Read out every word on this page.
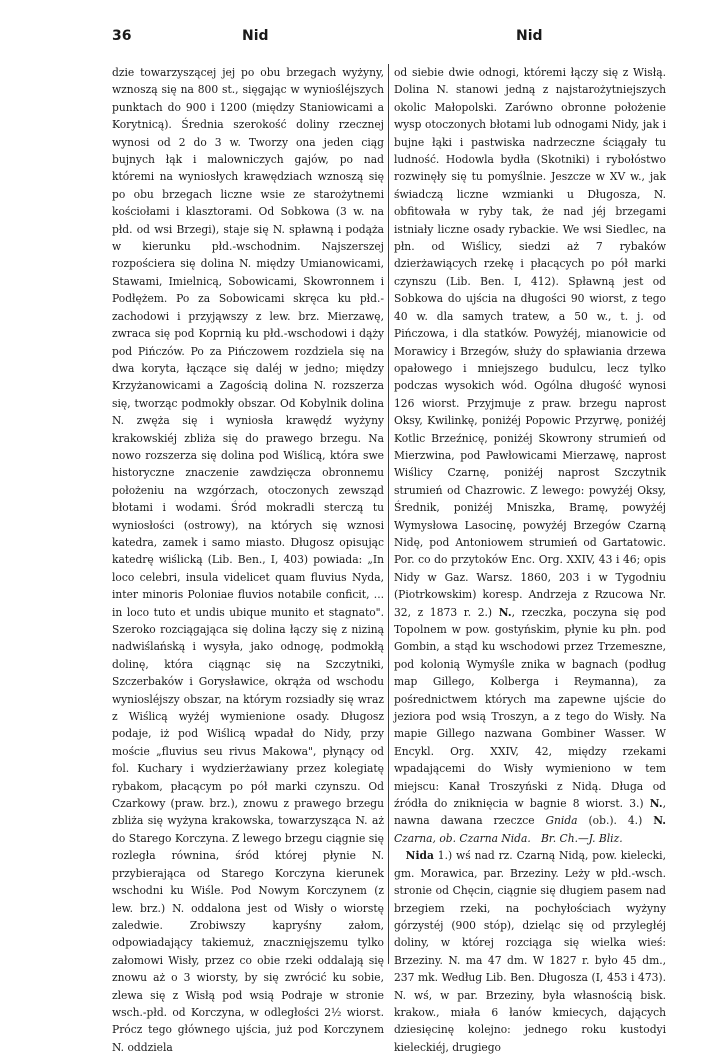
36	Nid	Nid

dzie towarzyszącej jej po obu brzegach wyżyny, wznoszą się na 800 st., sięgając w wyniośléjszych punktach do 900 i 1200 (między Staniowicami a Korytnicą). Średnia szerokość doliny rzecznej wynosi od 2 do 3 w. Tworzy ona jeden ciąg bujnych łąk i malowniczych gajów, po nad któremi na wyniosłych krawędziach wznoszą się po obu brzegach liczne wsie ze starożytnemi kościołami i klasztorami. Od Sobkowa (3 w. na płd. od wsi Brzegi), staje się N. spławną i podąża w kierunku płd.-wschodnim. Najszerszej rozpościera się dolina N. między Umianowicami, Stawami, Imielnicą, Sobowicami, Skowronnem i Podłężem. Po za Sobowicami skręca ku płd.-zachodowi i przyjąwszy z lew. brz. Mierzawę, zwraca się pod Koprnią ku płd.-wschodowi i dąży pod Pińczów. Po za Pińczowem rozdziela się na dwa koryta, łączące się daléj w jedno; między Krzyżanowicami a Zagością dolina N. rozszerza się, tworząc podmokły obszar. Od Kobylnik dolina N. zwęża się i wyniosła krawędź wyżyny krakowskiéj zbliża się do prawego brzegu. Na nowo rozszerza się dolina pod Wiślicą, która swe historyczne znaczenie zawdzięcza obronnemu położeniu na wzgórzach, otoczonych zewsząd błotami i wodami. Śród mokradli sterczą tu wyniosłości (ostrowy), na których się wznosi katedra, zamek i samo miasto. Długosz opisując katedrę wiślicką (Lib. Ben., I, 403) powiada: „In loco celebri, insula videlicet quam fluvius Nyda, inter minoris Poloniae fluvios notabile conficit, ... in loco tuto et undis ubique munito et stagnato". Szeroko rozciągająca się dolina łączy się z niziną nadwiślańską i wysyła, jako odnogę, podmokłą dolinę, która ciągnąc się na Szczytniki, Szczerbaków i Gorysławice, okrąża od wschodu wyniosléjszy obszar, na którym rozsiadły się wraz z Wiślicą wyżéj wymienione osady. Długosz podaje, iż pod Wiślicą wpadał do Nidy, przy moście „fluvius seu rivus Makowa", płynący od fol. Kuchary i wydzierżawiany przez kolegiatę rybakom, płacącym po pół marki czynszu. Od Czarkowy (praw. brz.), znowu z prawego brzegu zbliża się wyżyna krakowska, towarzysząca N. aż do Starego Korczyna. Z lewego brzegu ciągnie się rozległa równina, śród której płynie N. przybierająca od Starego Korczyna kierunek wschodni ku Wiśle. Pod Nowym Korczynem (z lew. brz.) N. oddalona jest od Wisły o wiorstę zaledwie. Zrobiwszy kapryśny załom, odpowiadający takiemuż, znacznięjszemu tylko załomowi Wisły, przez co obie rzeki oddalają się znowu aż o 3 wiorsty, by się zwrócić ku sobie, zlewa się z Wisłą pod wsią Podraje w stronie wsch.-płd. od Korczyna, w odległości 2½ wiorst. Prócz tego głównego ujścia, już pod Korczynem N. oddziela

od siebie dwie odnogi, któremi łączy się z Wisłą. Dolina N. stanowi jedną z najstarożytniejszych okolic Małopolski. Zarówno obronne położenie wysp otoczonych błotami lub odnogami Nidy, jak i bujne łąki i pastwiska nadrzeczne ściągały tu ludność. Hodowla bydła (Skotniki) i rybołóstwo rozwinęły się tu pomyślnie. Jeszcze w XV w., jak świadczą liczne wzmianki u Długosza, N. obfitowała w ryby tak, że nad jéj brzegami istniały liczne osady rybackie. We wsi Siedlec, na płn. od Wiślicy, siedzi aż 7 rybaków dzierżawiących rzekę i płacących po pół marki czynszu (Lib. Ben. I, 412). Spławną jest od Sobkowa do ujścia na długości 90 wiorst, z tego 40 w. dla samych tratew, a 50 w., t. j. od Pińczowa, i dla statków. Powyżéj, mianowicie od Morawicy i Brzegów, służy do spławiania drzewa opałowego i mniejszego budulcu, lecz tylko podczas wysokich wód. Ogólna długość wynosi 126 wiorst. Przyjmuje z praw. brzegu naprost Oksy, Kwilinkę, poniżéj Popowic Przyrwę, poniżéj Kotlic Brzeźnicę, poniżéj Skowrony strumień od Mierzwina, pod Pawłowicami Mierzawę, naprost Wiślicy Czarnę, poniżéj naprost Szczytnik strumień od Chazrowic. Z lewego: powyżéj Oksy, Średnik, poniżéj Mniszka, Bramę, powyżéj Wymysłowa Lasocinę, powyżéj Brzegów Czarną Nidę, pod Antoniowem strumień od Gartatowic. Por. co do przytoków Enc. Org. XXIV, 43 i 46; opis Nidy w Gaz. Warsz. 1860, 203 i w Tygodniu (Piotrkowskim) koresp. Andrzeja z Rzucowa Nr. 32, z 1873 r. 2.) N., rzeczka, poczyna się pod Topolnem w pow. gostyńskim, płynie ku płn. pod Gombin, a stąd ku wschodowi przez Trzemeszne, pod kolonią Wymyśle znika w bagnach (podług map Gillego, Kolberga i Reymanna), za pośrednictwem których ma zapewne ujście do jeziora pod wsią Troszyn, a z tego do Wisły. Na mapie Gillego nazwana Gombiner Wasser. W Encykl. Org. XXIV, 42, między rzekami wpadającemi do Wisły wymieniono w tem miejscu: Kanał Troszyński z Nidą. Długa od źródła do zniknięcia w bagnie 8 wiorst. 3.) N., nawna dawana rzeczce Gnida (ob.). 4.) N. Czarna, ob. Czarna Nida. Br. Ch.—J. Bliz.

Nida 1.) wś nad rz. Czarną Nidą, pow. kielecki, gm. Morawica, par. Brzeziny. Leży w płd.-wsch. stronie od Chęcin, ciągnie się długiem pasem nad brzegiem rzeki, na pochyłościach wyżyny górzystéj (900 stóp), dzieląc się od przyległéj doliny, w której rozciąga się wielka wieś: Brzeziny. N. ma 47 dm. W 1827 r. było 45 dm., 237 mk. Według Lib. Ben. Długosza (I, 453 i 473). N. wś, w par. Brzeziny, była własnością bisk. krakow., miała 6 łanów kmiecych, dających dziesięcinę kolejno: jednego roku kustodyi kieleckiéj, drugiego
